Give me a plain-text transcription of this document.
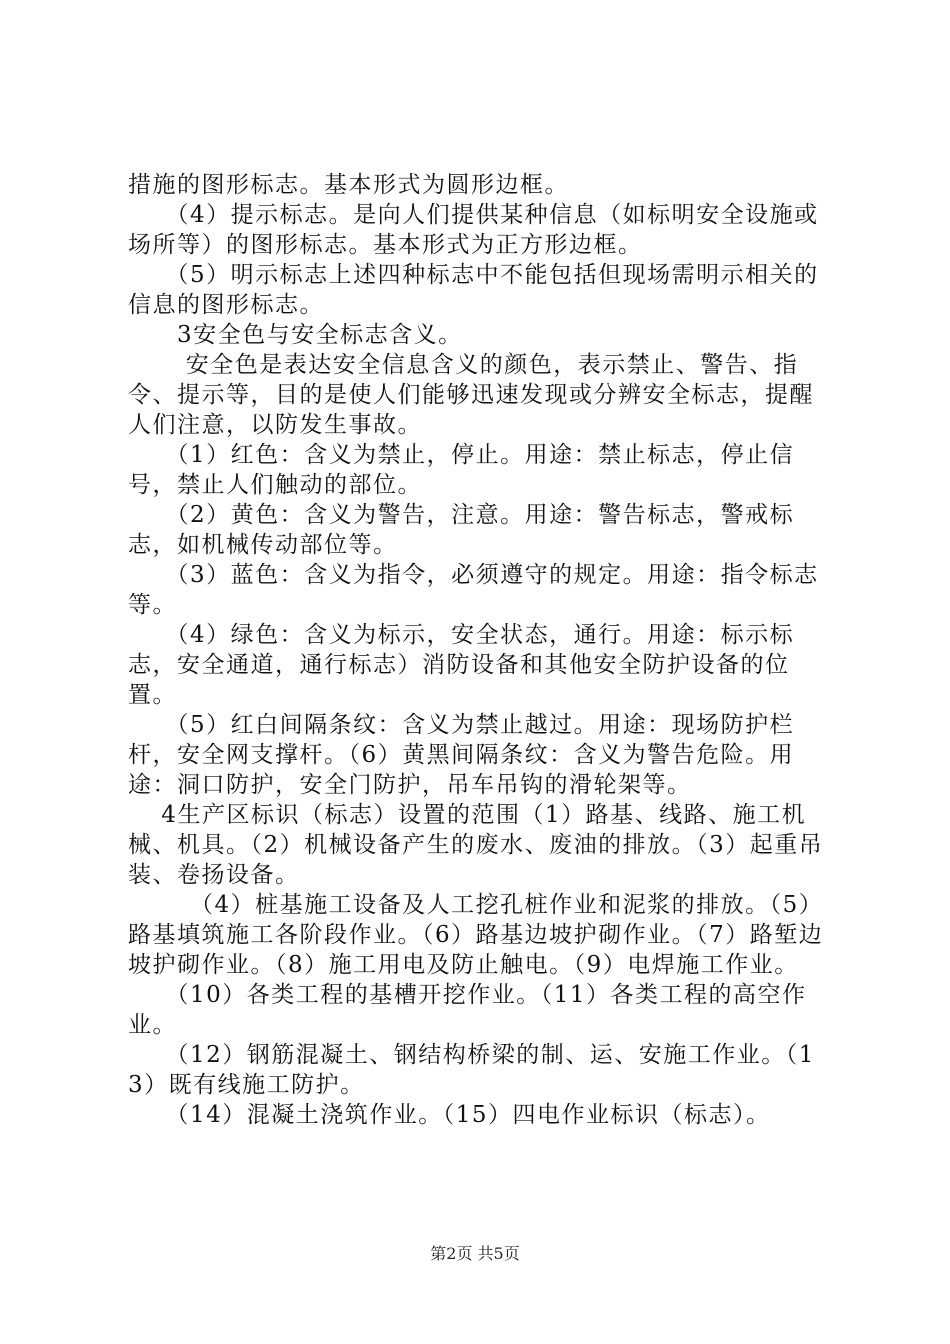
措施的图形标志。基本形式为圆形边框。

　　（4）提示标志。是向人们提供某种信息（如标明安全设施或场所等）的图形标志。基本形式为正方形边框。

　　（5）明示标志上述四种标志中不能包括但现场需明示相关的信息的图形标志。

　　3安全色与安全标志含义。

　　 安全色是表达安全信息含义的颜色，表示禁止、警告、指令、提示等，目的是使人们能够迅速发现或分辨安全标志，提醒人们注意，以防发生事故。

　　（1）红色：含义为禁止，停止。用途：禁止标志，停止信号，禁止人们触动的部位。

　　（2）黄色：含义为警告，注意。用途：警告标志，警戒标志，如机械传动部位等。

　　（3）蓝色：含义为指令，必须遵守的规定。用途：指令标志等。

　　（4）绿色：含义为标示，安全状态，通行。用途：标示标志，安全通道，通行标志）消防设备和其他安全防护设备的位置。

　　（5）红白间隔条纹：含义为禁止越过。用途：现场防护栏杆，安全网支撑杆。（6）黄黑间隔条纹：含义为警告危险。用途：洞口防护，安全门防护，吊车吊钩的滑轮架等。

　 4生产区标识（标志）设置的范围（1）路基、线路、施工机械、机具。（2）机械设备产生的废水、废油的排放。（3）起重吊装、卷扬设备。

　　　（4）桩基施工设备及人工挖孔桩作业和泥浆的排放。（5）路基填筑施工各阶段作业。（6）路基边坡护砌作业。（7）路堑边坡护砌作业。（8）施工用电及防止触电。（9）电焊施工作业。

　　（10）各类工程的基槽开挖作业。（11）各类工程的高空作业。

　　（12）钢筋混凝土、钢结构桥梁的制、运、安施工作业。（13）既有线施工防护。

　　（14）混凝土浇筑作业。（15）四电作业标识（标志）。

第2页 共5页
